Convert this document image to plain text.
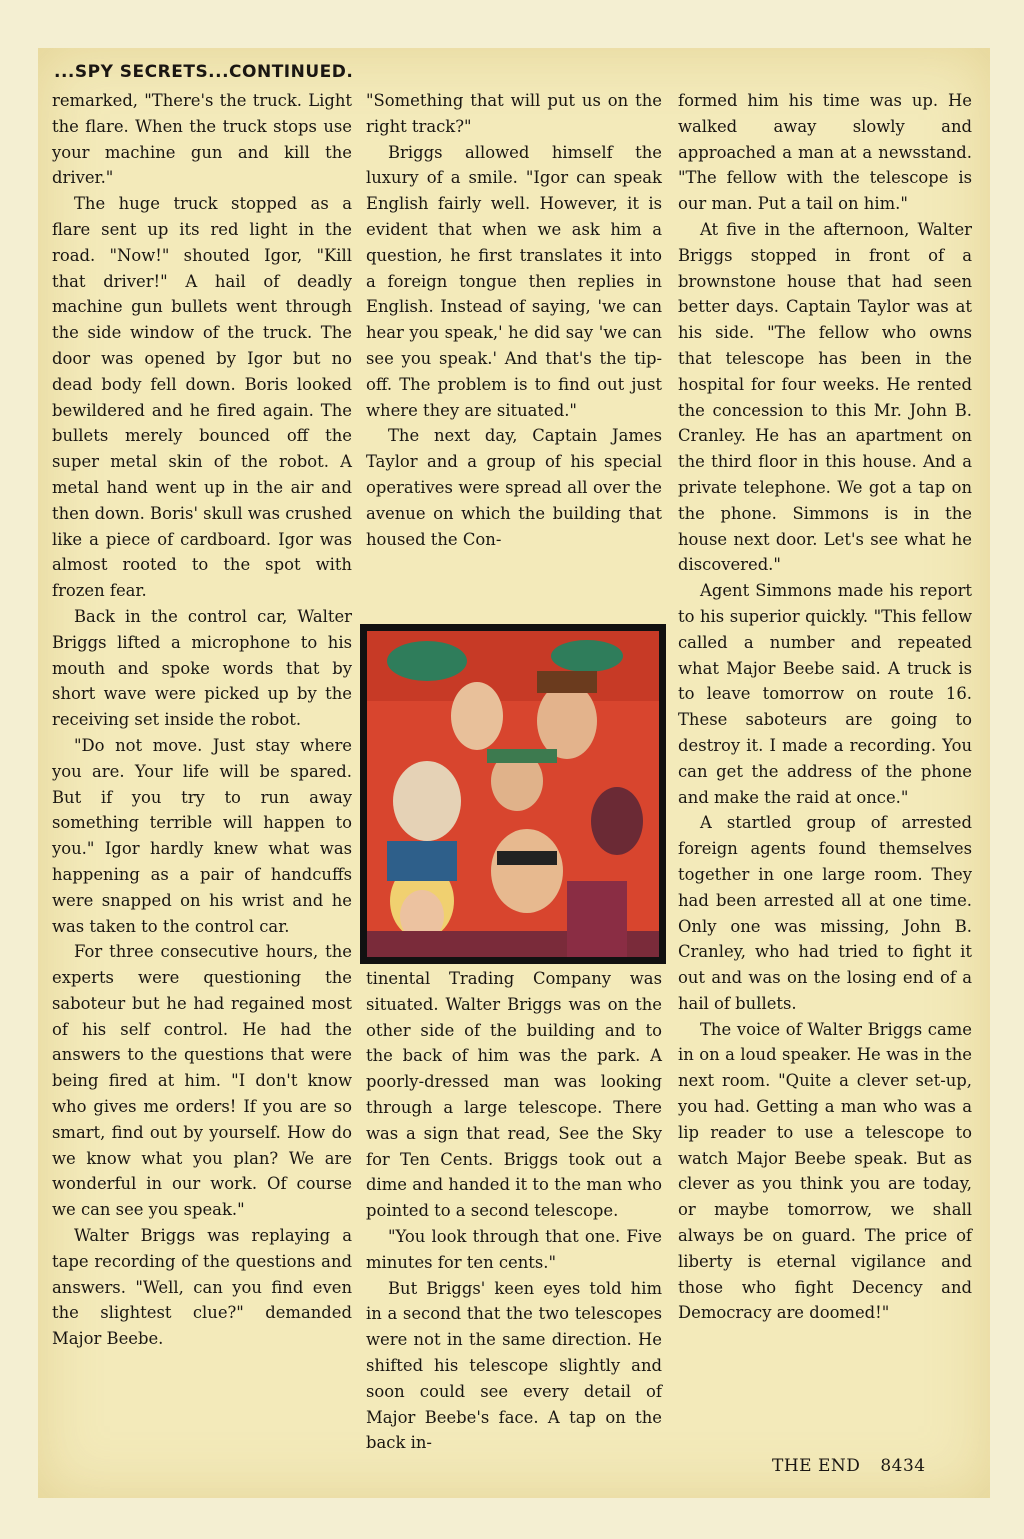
...SPY SECRETS...CONTINUED.

remarked, "There's the truck. Light the flare. When the truck stops use your machine gun and kill the driver."

The huge truck stopped as a flare sent up its red light in the road. "Now!" shouted Igor, "Kill that driver!" A hail of deadly machine gun bullets went through the side window of the truck. The door was opened by Igor but no dead body fell down. Boris looked bewildered and he fired again. The bullets merely bounced off the super metal skin of the robot. A metal hand went up in the air and then down. Boris' skull was crushed like a piece of cardboard. Igor was almost rooted to the spot with frozen fear.

Back in the control car, Walter Briggs lifted a microphone to his mouth and spoke words that by short wave were picked up by the receiving set inside the robot.

"Do not move. Just stay where you are. Your life will be spared. But if you try to run away something terrible will happen to you." Igor hardly knew what was happening as a pair of handcuffs were snapped on his wrist and he was taken to the control car.

For three consecutive hours, the experts were questioning the saboteur but he had regained most of his self control. He had the answers to the questions that were being fired at him. "I don't know who gives me orders! If you are so smart, find out by yourself. How do we know what you plan? We are wonderful in our work. Of course we can see you speak."

Walter Briggs was replaying a tape recording of the questions and answers. "Well, can you find even the slightest clue?" demanded Major Beebe.

"Something that will put us on the right track?"

Briggs allowed himself the luxury of a smile. "Igor can speak English fairly well. However, it is evident that when we ask him a question, he first translates it into a foreign tongue then replies in English. Instead of saying, 'we can hear you speak,' he did say 'we can see you speak.' And that's the tip-off. The problem is to find out just where they are situated."

The next day, Captain James Taylor and a group of his special operatives were spread all over the avenue on which the building that housed the Con-

tinental Trading Company was situated. Walter Briggs was on the other side of the building and to the back of him was the park. A poorly-dressed man was looking through a large telescope. There was a sign that read, See the Sky for Ten Cents. Briggs took out a dime and handed it to the man who pointed to a second telescope.

"You look through that one. Five minutes for ten cents."

But Briggs' keen eyes told him in a second that the two telescopes were not in the same direction. He shifted his telescope slightly and soon could see every detail of Major Beebe's face. A tap on the back in-

formed him his time was up. He walked away slowly and approached a man at a newsstand. "The fellow with the telescope is our man. Put a tail on him."

At five in the afternoon, Walter Briggs stopped in front of a brownstone house that had seen better days. Captain Taylor was at his side. "The fellow who owns that telescope has been in the hospital for four weeks. He rented the concession to this Mr. John B. Cranley. He has an apartment on the third floor in this house. And a private telephone. We got a tap on the phone. Simmons is in the house next door. Let's see what he discovered."

Agent Simmons made his report to his superior quickly. "This fellow called a number and repeated what Major Beebe said. A truck is to leave tomorrow on route 16. These saboteurs are going to destroy it. I made a recording. You can get the address of the phone and make the raid at once."

A startled group of arrested foreign agents found themselves together in one large room. They had been arrested all at one time. Only one was missing, John B. Cranley, who had tried to fight it out and was on the losing end of a hail of bullets.

The voice of Walter Briggs came in on a loud speaker. He was in the next room. "Quite a clever set-up, you had. Getting a man who was a lip reader to use a telescope to watch Major Beebe speak. But as clever as you think you are today, or maybe tomorrow, we shall always be on guard. The price of liberty is eternal vigilance and those who fight Decency and Democracy are doomed!"

THE END 8434
